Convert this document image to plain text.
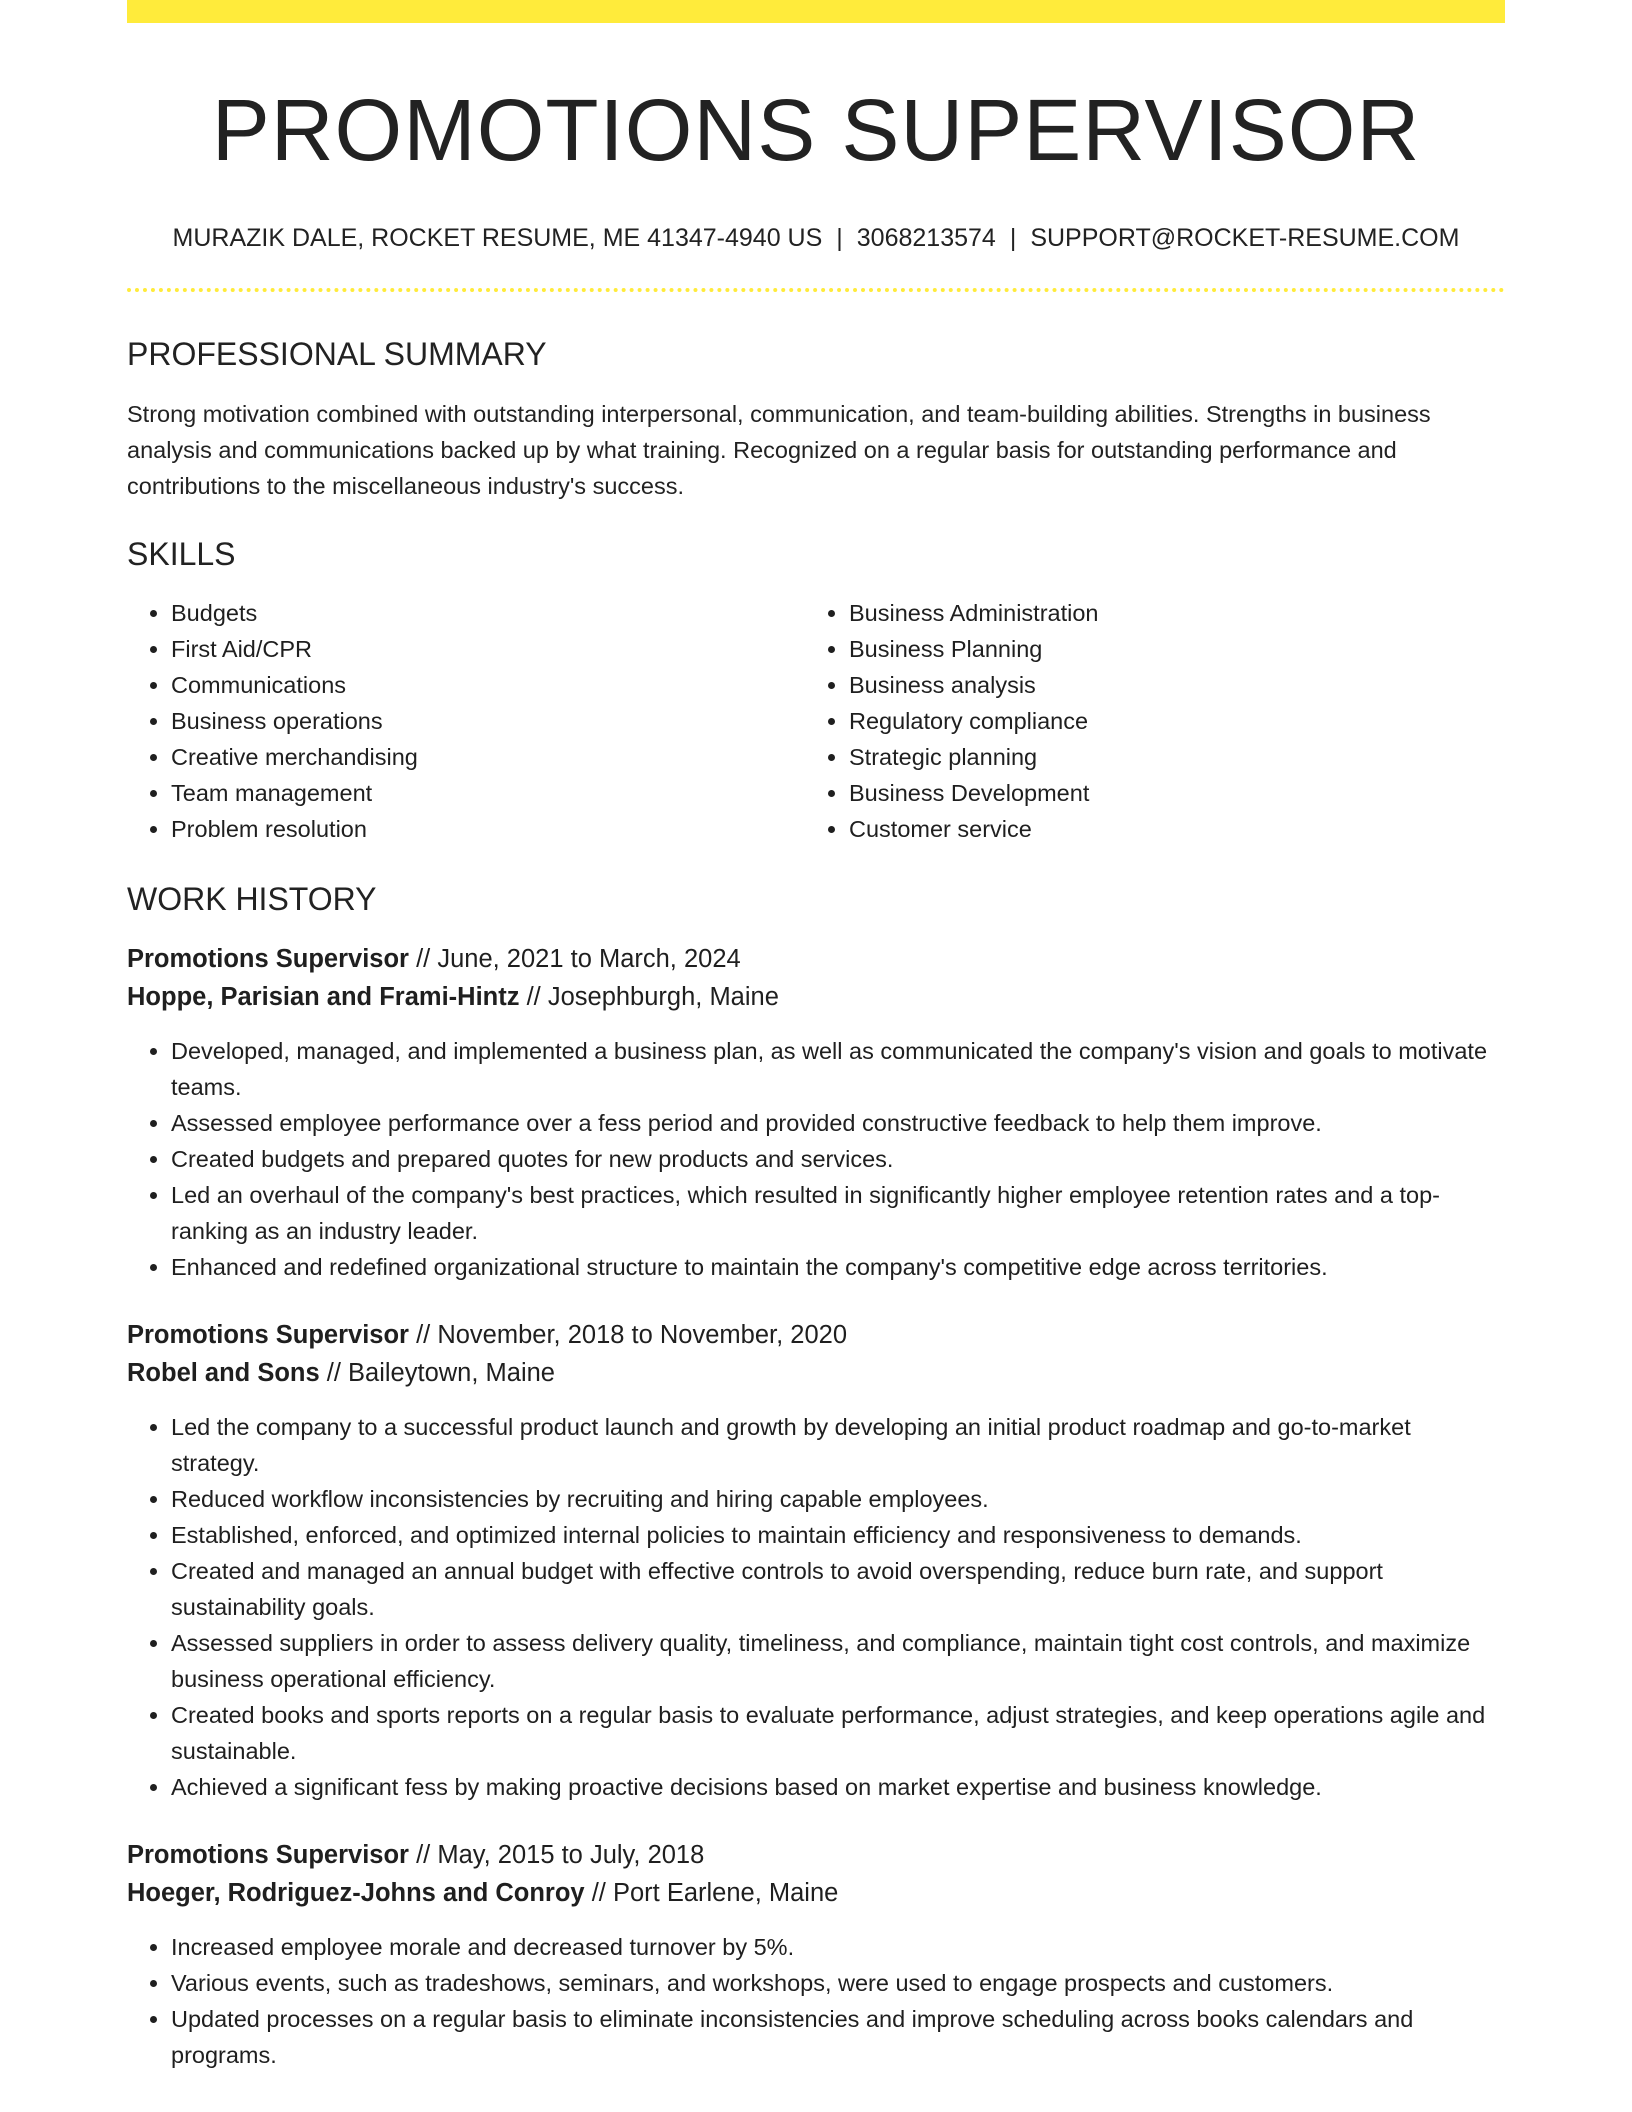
PROMOTIONS SUPERVISOR
MURAZIK DALE, ROCKET RESUME, ME 41347-4940 US | 3068213574 | SUPPORT@ROCKET-RESUME.COM
PROFESSIONAL SUMMARY

Strong motivation combined with outstanding interpersonal, communication, and team-building abilities. Strengths in business analysis and communications backed up by what training. Recognized on a regular basis for outstanding performance and contributions to the miscellaneous industry's success.

SKILLS
• Budgets
• First Aid/CPR
• Communications
• Business operations
• Creative merchandising
• Team management
• Problem resolution
• Business Administration
• Business Planning
• Business analysis
• Regulatory compliance
• Strategic planning
• Business Development
• Customer service
WORK HISTORY
Promotions Supervisor // June, 2021 to March, 2024
Hoppe, Parisian and Frami-Hintz // Josephburgh, Maine
• Developed, managed, and implemented a business plan, as well as communicated the company's vision and goals to motivate teams.
• Assessed employee performance over a fess period and provided constructive feedback to help them improve.
• Created budgets and prepared quotes for new products and services.
• Led an overhaul of the company's best practices, which resulted in significantly higher employee retention rates and a top-ranking as an industry leader.
• Enhanced and redefined organizational structure to maintain the company's competitive edge across territories.
Promotions Supervisor // November, 2018 to November, 2020
Robel and Sons // Baileytown, Maine
• Led the company to a successful product launch and growth by developing an initial product roadmap and go-to-market strategy.
• Reduced workflow inconsistencies by recruiting and hiring capable employees.
• Established, enforced, and optimized internal policies to maintain efficiency and responsiveness to demands.
• Created and managed an annual budget with effective controls to avoid overspending, reduce burn rate, and support sustainability goals.
• Assessed suppliers in order to assess delivery quality, timeliness, and compliance, maintain tight cost controls, and maximize business operational efficiency.
• Created books and sports reports on a regular basis to evaluate performance, adjust strategies, and keep operations agile and sustainable.
• Achieved a significant fess by making proactive decisions based on market expertise and business knowledge.
Promotions Supervisor // May, 2015 to July, 2018
Hoeger, Rodriguez-Johns and Conroy // Port Earlene, Maine
• Increased employee morale and decreased turnover by 5%.
• Various events, such as tradeshows, seminars, and workshops, were used to engage prospects and customers.
• Updated processes on a regular basis to eliminate inconsistencies and improve scheduling across books calendars and programs.
